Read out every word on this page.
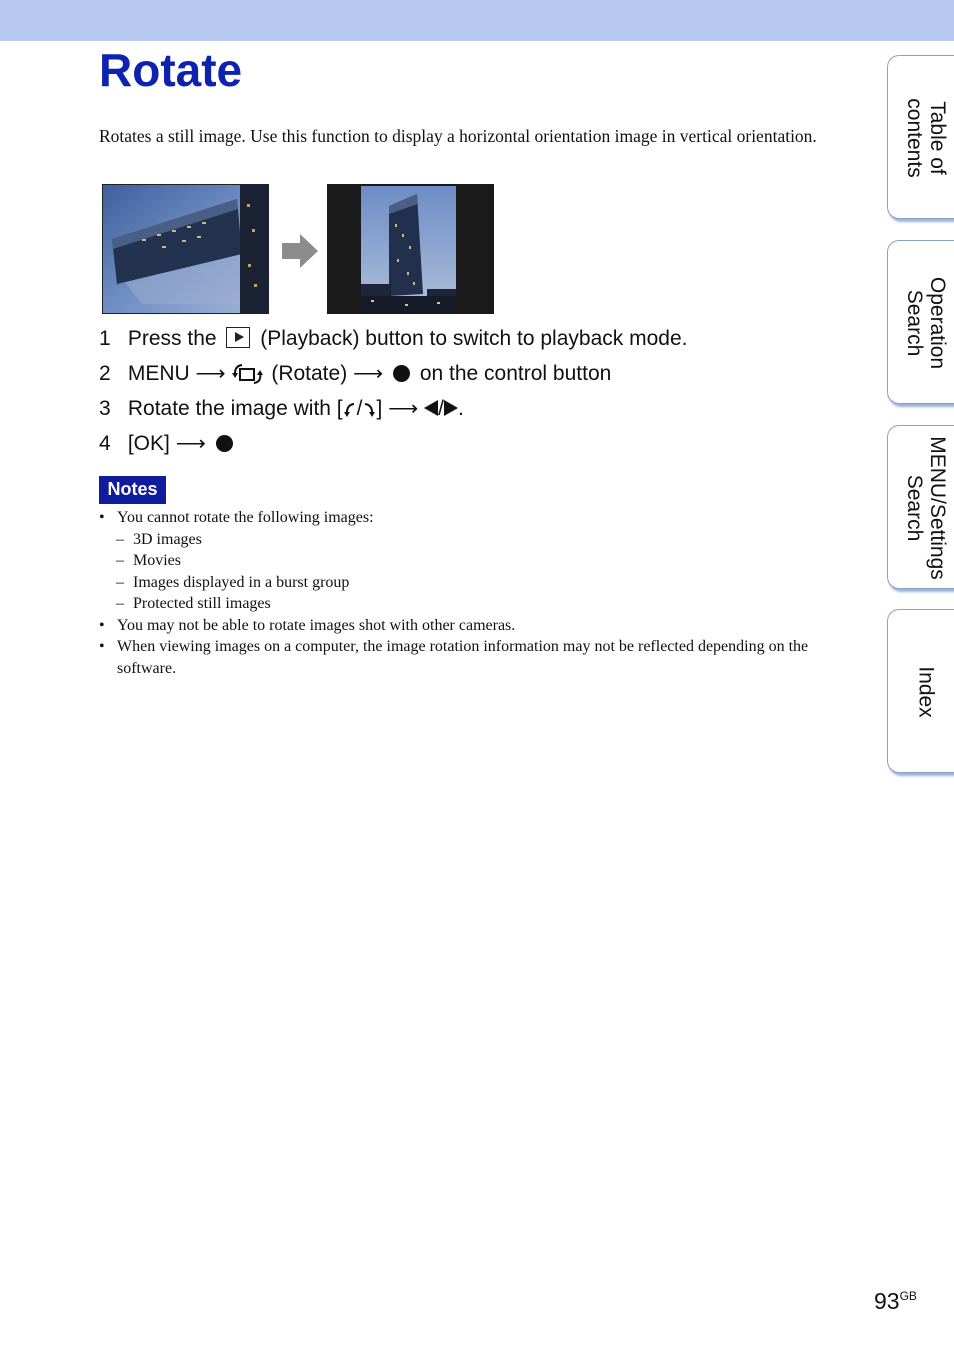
Rotate

Rotates a still image. Use this function to display a horizontal orientation image in vertical orientation.

1 Press the (Playback) button to switch to playback mode.
2 MENU ⟶ (Rotate) ⟶ on the control button
3 Rotate the image with [ / ] ⟶ / .
4 [OK] ⟶
Notes
• You cannot rotate the following images:
– 3D images
– Movies
– Images displayed in a burst group
– Protected still images
• You may not be able to rotate images shot with other cameras.
• When viewing images on a computer, the image rotation information may not be reflected depending on the software.
Table of
contents
Operation
Search
MENU/Settings
Search
Index
$93^{GB}$
